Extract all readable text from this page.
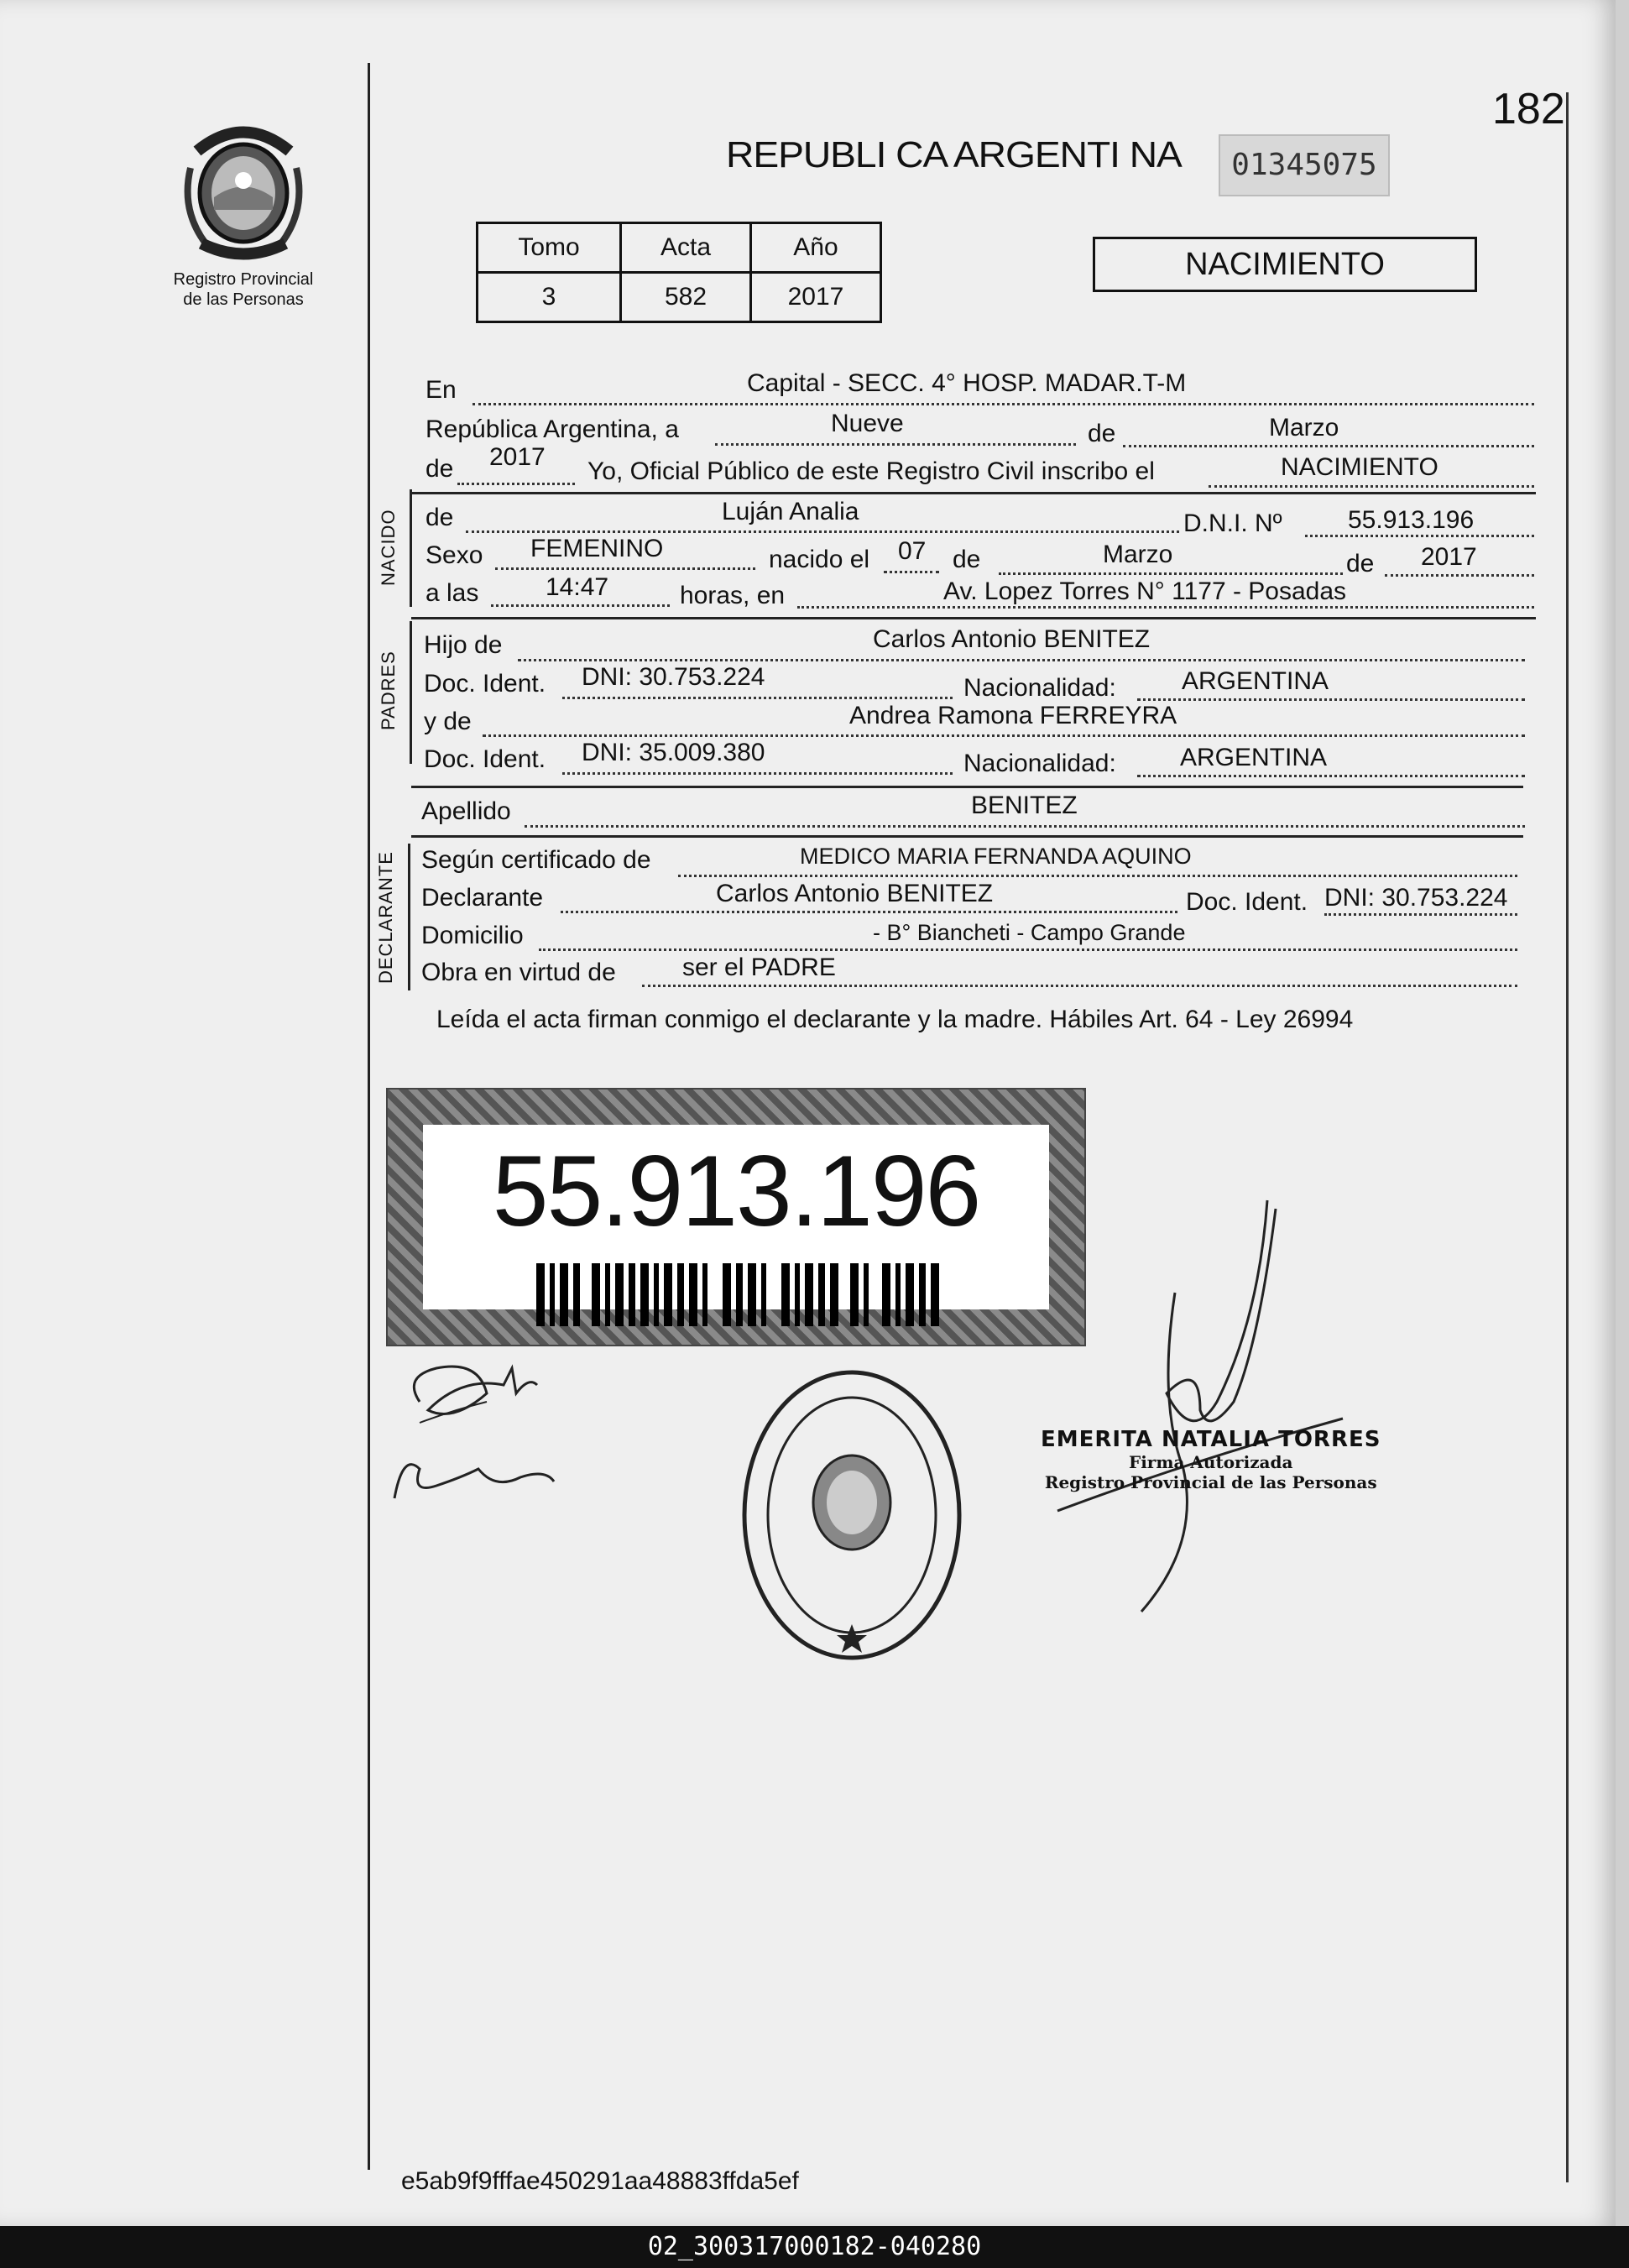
Registro Provincial
de las Personas
182
REPUBLI CA ARGENTI NA	01345075
Tomo	Acta	Año
3	582	2017
NACIMIENTO
En	Capital - SECC. 4° HOSP. MADAR.T-M
República Argentina, a	Nueve	de	Marzo
de 2017
Yo, Oficial Público de este Registro Civil inscribo el	NACIMIENTO
NACIDO de	Luján Analia	D.N.I. Nº	55.913.196
Sexo FEMENINO	nacido el 07 de	Marzo	de 2017
a las	14:47	horas, en	Av. Lopez Torres N° 1177 - Posadas
PADRES
Hijo de	Carlos Antonio BENITEZ
Doc. Ident. DNI: 30.753.224	Nacionalidad:	ARGENTINA
y de	Andrea Ramona FERREYRA
Doc. Ident. DNI: 35.009.380	Nacionalidad:	ARGENTINA
Apellido	BENITEZ
DECLARANTE Según certificado de	MEDICO MARIA FERNANDA AQUINO
Declarante	Carlos Antonio BENITEZ	Doc. Ident. DNI: 30.753.224
Domicilio	- B° Biancheti - Campo Grande
Obra en virtud de	ser el PADRE
Leída el acta firman conmigo el declarante y la madre. Hábiles Art. 64 - Ley 26994
55.913.196
EMERITA NATALIA TORRES
Firma Autorizada
Registro Provincial de las Personas
e5ab9f9fffae450291aa48883ffda5ef
02_300317000182-040280
